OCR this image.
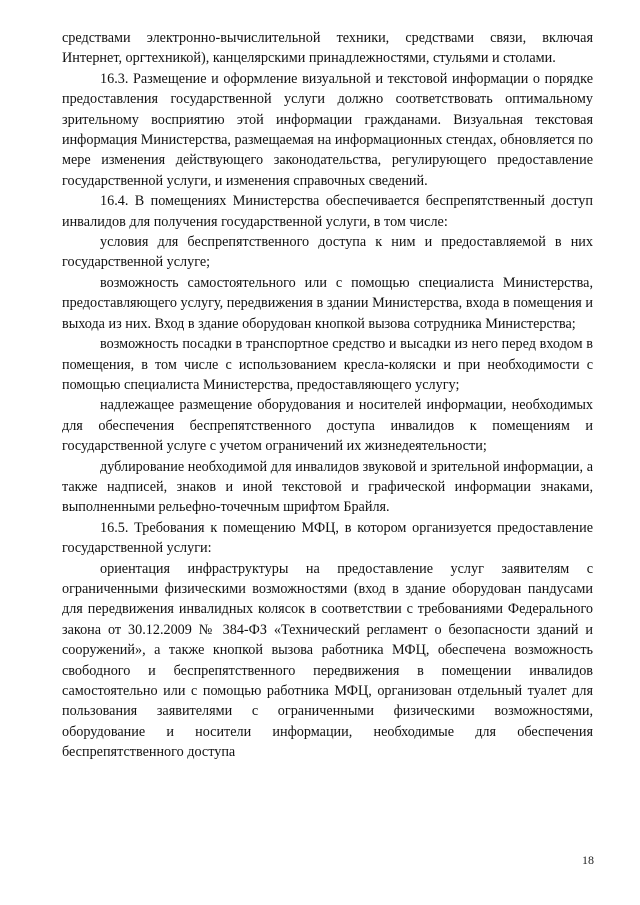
средствами электронно-вычислительной техники, средствами связи, включая Интернет, оргтехникой), канцелярскими принадлежностями, стульями и столами.

16.3. Размещение и оформление визуальной и текстовой информации о порядке предоставления государственной услуги должно соответствовать оптимальному зрительному восприятию этой информации гражданами. Визуальная текстовая информация Министерства, размещаемая на информационных стендах, обновляется по мере изменения действующего законодательства, регулирующего предоставление государственной услуги, и изменения справочных сведений.

16.4. В помещениях Министерства обеспечивается беспрепятственный доступ инвалидов для получения государственной услуги, в том числе:

условия для беспрепятственного доступа к ним и предоставляемой в них государственной услуге;

возможность самостоятельного или с помощью специалиста Министерства, предоставляющего услугу, передвижения в здании Министерства, входа в помещения и выхода из них. Вход в здание оборудован кнопкой вызова сотрудника Министерства;

возможность посадки в транспортное средство и высадки из него перед входом в помещения, в том числе с использованием кресла-коляски и при необходимости с помощью специалиста Министерства, предоставляющего услугу;

надлежащее размещение оборудования и носителей информации, необходимых для обеспечения беспрепятственного доступа инвалидов к помещениям и государственной услуге с учетом ограничений их жизнедеятельности;

дублирование необходимой для инвалидов звуковой и зрительной информации, а также надписей, знаков и иной текстовой и графической информации знаками, выполненными рельефно-точечным шрифтом Брайля.

16.5. Требования к помещению МФЦ, в котором организуется предоставление государственной услуги:

ориентация инфраструктуры на предоставление услуг заявителям с ограниченными физическими возможностями (вход в здание оборудован пандусами для передвижения инвалидных колясок в соответствии с требованиями Федерального закона от 30.12.2009 № 384-ФЗ «Технический регламент о безопасности зданий и сооружений», а также кнопкой вызова работника МФЦ, обеспечена возможность свободного и беспрепятственного передвижения в помещении инвалидов самостоятельно или с помощью работника МФЦ, организован отдельный туалет для пользования заявителями с ограниченными физическими возможностями, оборудование и носители информации, необходимые для обеспечения беспрепятственного доступа

18
